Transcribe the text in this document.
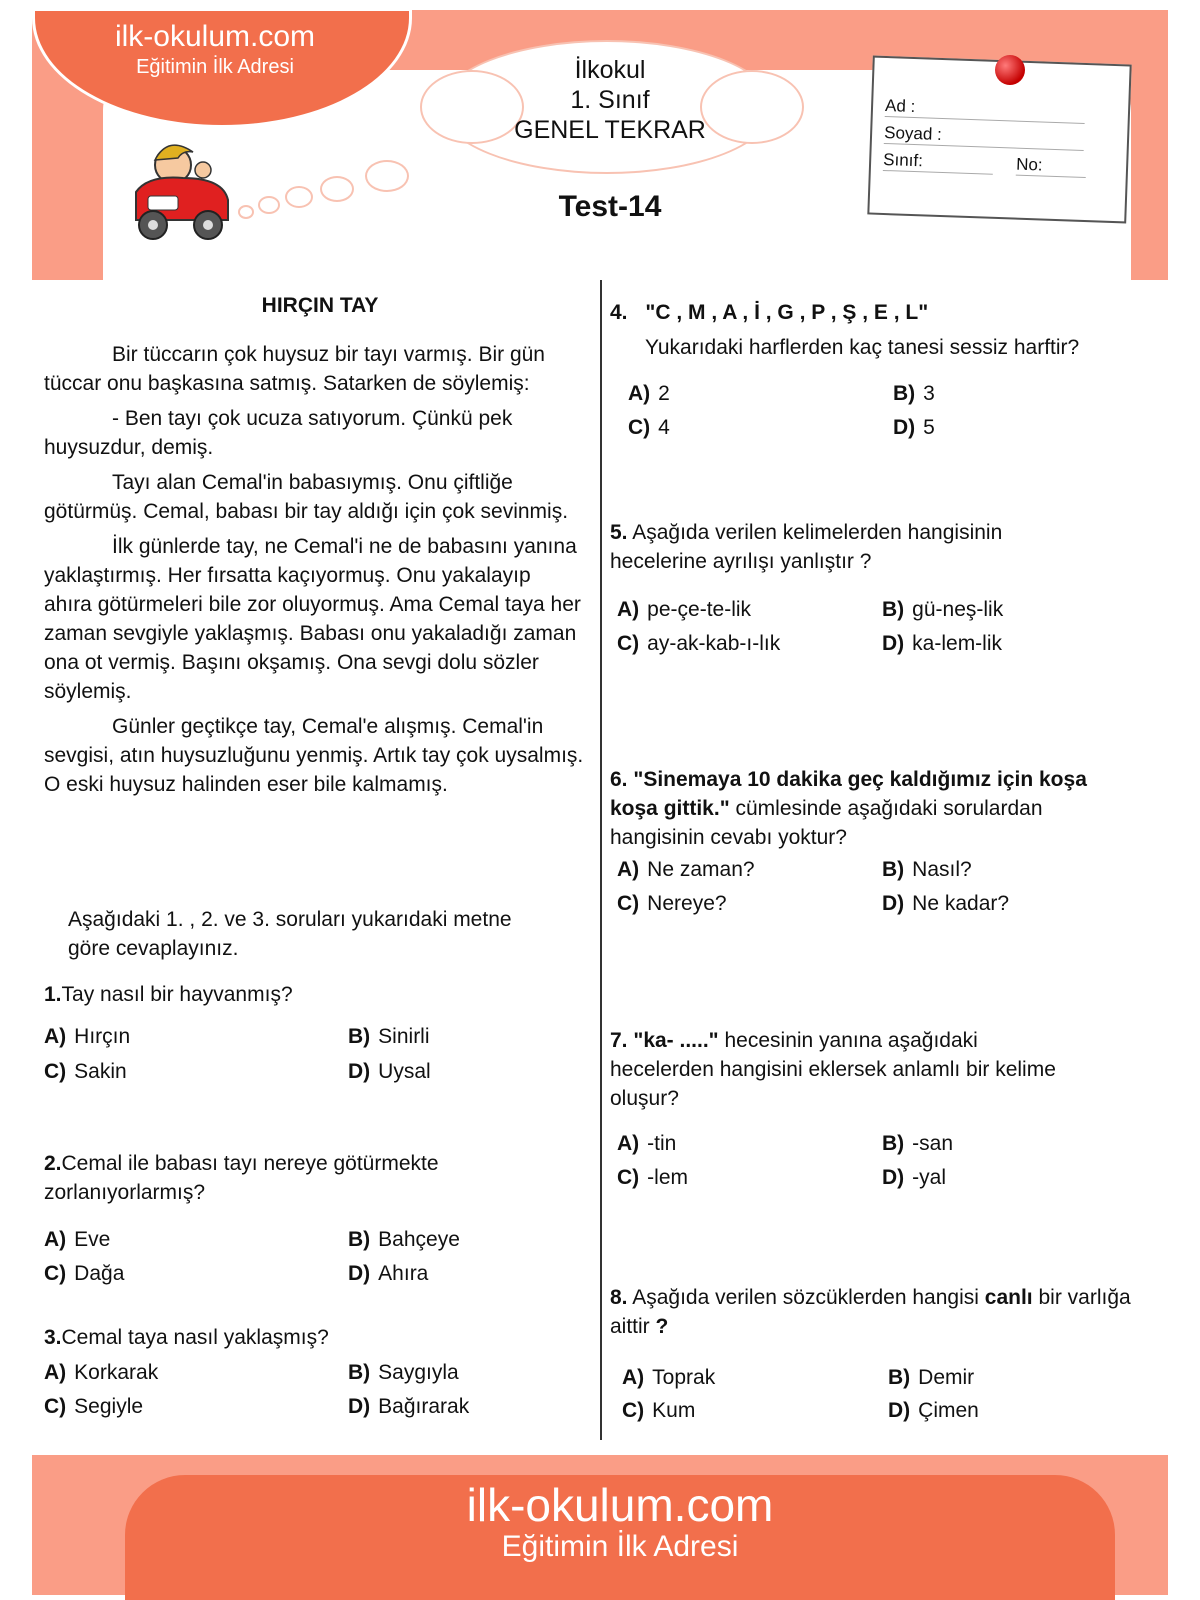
ilk-okulum.com
Eğitimin İlk Adresi	İlkokul
1. Sınıf
GENEL TEKRAR
Test-14
Ad :
Soyad :
Sınıf:	No:
HIRÇIN TAY

Bir tüccarın çok huysuz bir tayı varmış. Bir gün tüccar onu başkasına satmış. Satarken de söylemiş:

- Ben tayı çok ucuza satıyorum. Çünkü pek huysuzdur, demiş.

Tayı alan Cemal'in babasıymış. Onu çiftliğe götürmüş. Cemal, babası bir tay aldığı için çok sevinmiş.

İlk günlerde tay, ne Cemal'i ne de babasını yanına yaklaştırmış. Her fırsatta kaçıyormuş. Onu yakalayıp ahıra götürmeleri bile zor oluyormuş. Ama Cemal taya her zaman sevgiyle yaklaşmış. Babası onu yakaladığı zaman ona ot vermiş. Başını okşamış. Ona sevgi dolu sözler söylemiş.

Günler geçtikçe tay, Cemal'e alışmış. Cemal'in sevgisi, atın huysuzluğunu yenmiş. Artık tay çok uysalmış. O eski huysuz halinden eser bile kalmamış.

Aşağıdaki 1. , 2. ve 3. soruları yukarıdaki metne göre cevaplayınız.
1.Tay nasıl bir hayvanmış?
A) Hırçın	B) Sinirli
C) Sakin	D) Uysal
2.Cemal ile babası tayı nereye götürmekte zorlanıyorlarmış?
A) Eve	B) Bahçeye
C) Dağa	D) Ahıra
3.Cemal taya nasıl yaklaşmış?
A) Korkarak	B) Saygıyla
C) Segiyle	D) Bağırarak
4. "C , M , A , İ , G , P , Ş , E , L"
Yukarıdaki harflerden kaç tanesi sessiz harftir?
A) 2	B) 3
C) 4	D) 5
5. Aşağıda verilen kelimelerden hangisinin hecelerine ayrılışı yanlıştır ?
A) pe-çe-te-lik	B) gü-neş-lik
C) ay-ak-kab-ı-lık	D) ka-lem-lik
6. "Sinemaya 10 dakika geç kaldığımız için koşa koşa gittik." cümlesinde aşağıdaki sorulardan hangisinin cevabı yoktur?
A) Ne zaman?	B) Nasıl?
C) Nereye?	D) Ne kadar?
7. "ka- ....." hecesinin yanına aşağıdaki hecelerden hangisini eklersek anlamlı bir kelime oluşur?
A) -tin	B) -san
C) -lem	D) -yal
8. Aşağıda verilen sözcüklerden hangisi canlı bir varlığa aittir ?
A) Toprak	B) Demir
C) Kum	D) Çimen
ilk-okulum.com
Eğitimin İlk Adresi
